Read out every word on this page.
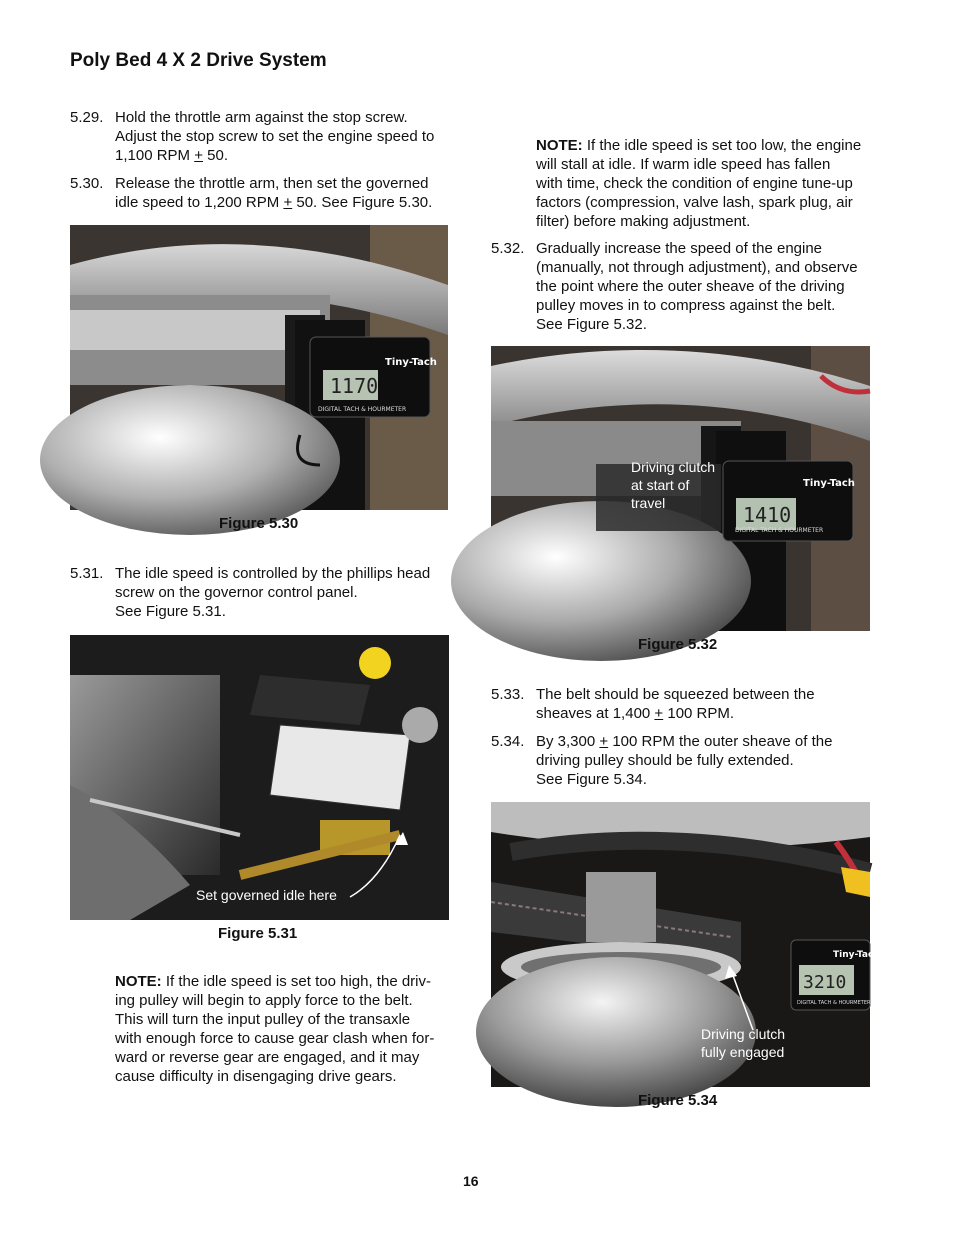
Poly Bed 4 X 2 Drive System
5.29. Hold the throttle arm against the stop screw.
Adjust the stop screw to set the engine speed to
1,100 RPM + 50.
5.30. Release the throttle arm, then set the governed
idle speed to 1,200 RPM + 50. See Figure 5.30.
1170
Tiny-Tach
DIGITAL TACH & HOURMETER
Figure 5.30
5.31. The idle speed is controlled by the phillips head
screw on the governor control panel.
See Figure 5.31.
Set governed idle here
Figure 5.31
NOTE: If the idle speed is set too high, the driv-
ing pulley will begin to apply force to the belt.
This will turn the input pulley of the transaxle
with enough force to cause gear clash when for-
ward or reverse gear are engaged, and it may
cause difficulty in disengaging drive gears.
NOTE: If the idle speed is set too low, the engine
will stall at idle. If warm idle speed has fallen
with time, check the condition of engine tune-up
factors (compression, valve lash, spark plug, air
filter) before making adjustment.
5.32. Gradually increase the speed of the engine
(manually, not through adjustment), and observe
the point where the outer sheave of the driving
pulley moves in to compress against the belt.
See Figure 5.32.
1410
Tiny-Tach
DIGITAL TACH & HOURMETER
Driving clutch
at start of
travel
Figure 5.32
5.33. The belt should be squeezed between the
sheaves at 1,400 + 100 RPM.
5.34. By 3,300 + 100 RPM the outer sheave of the
driving pulley should be fully extended.
See Figure 5.34.
3210
Tiny-Tach
DIGITAL TACH & HOURMETER
Driving clutch
fully engaged
Figure 5.34
16
